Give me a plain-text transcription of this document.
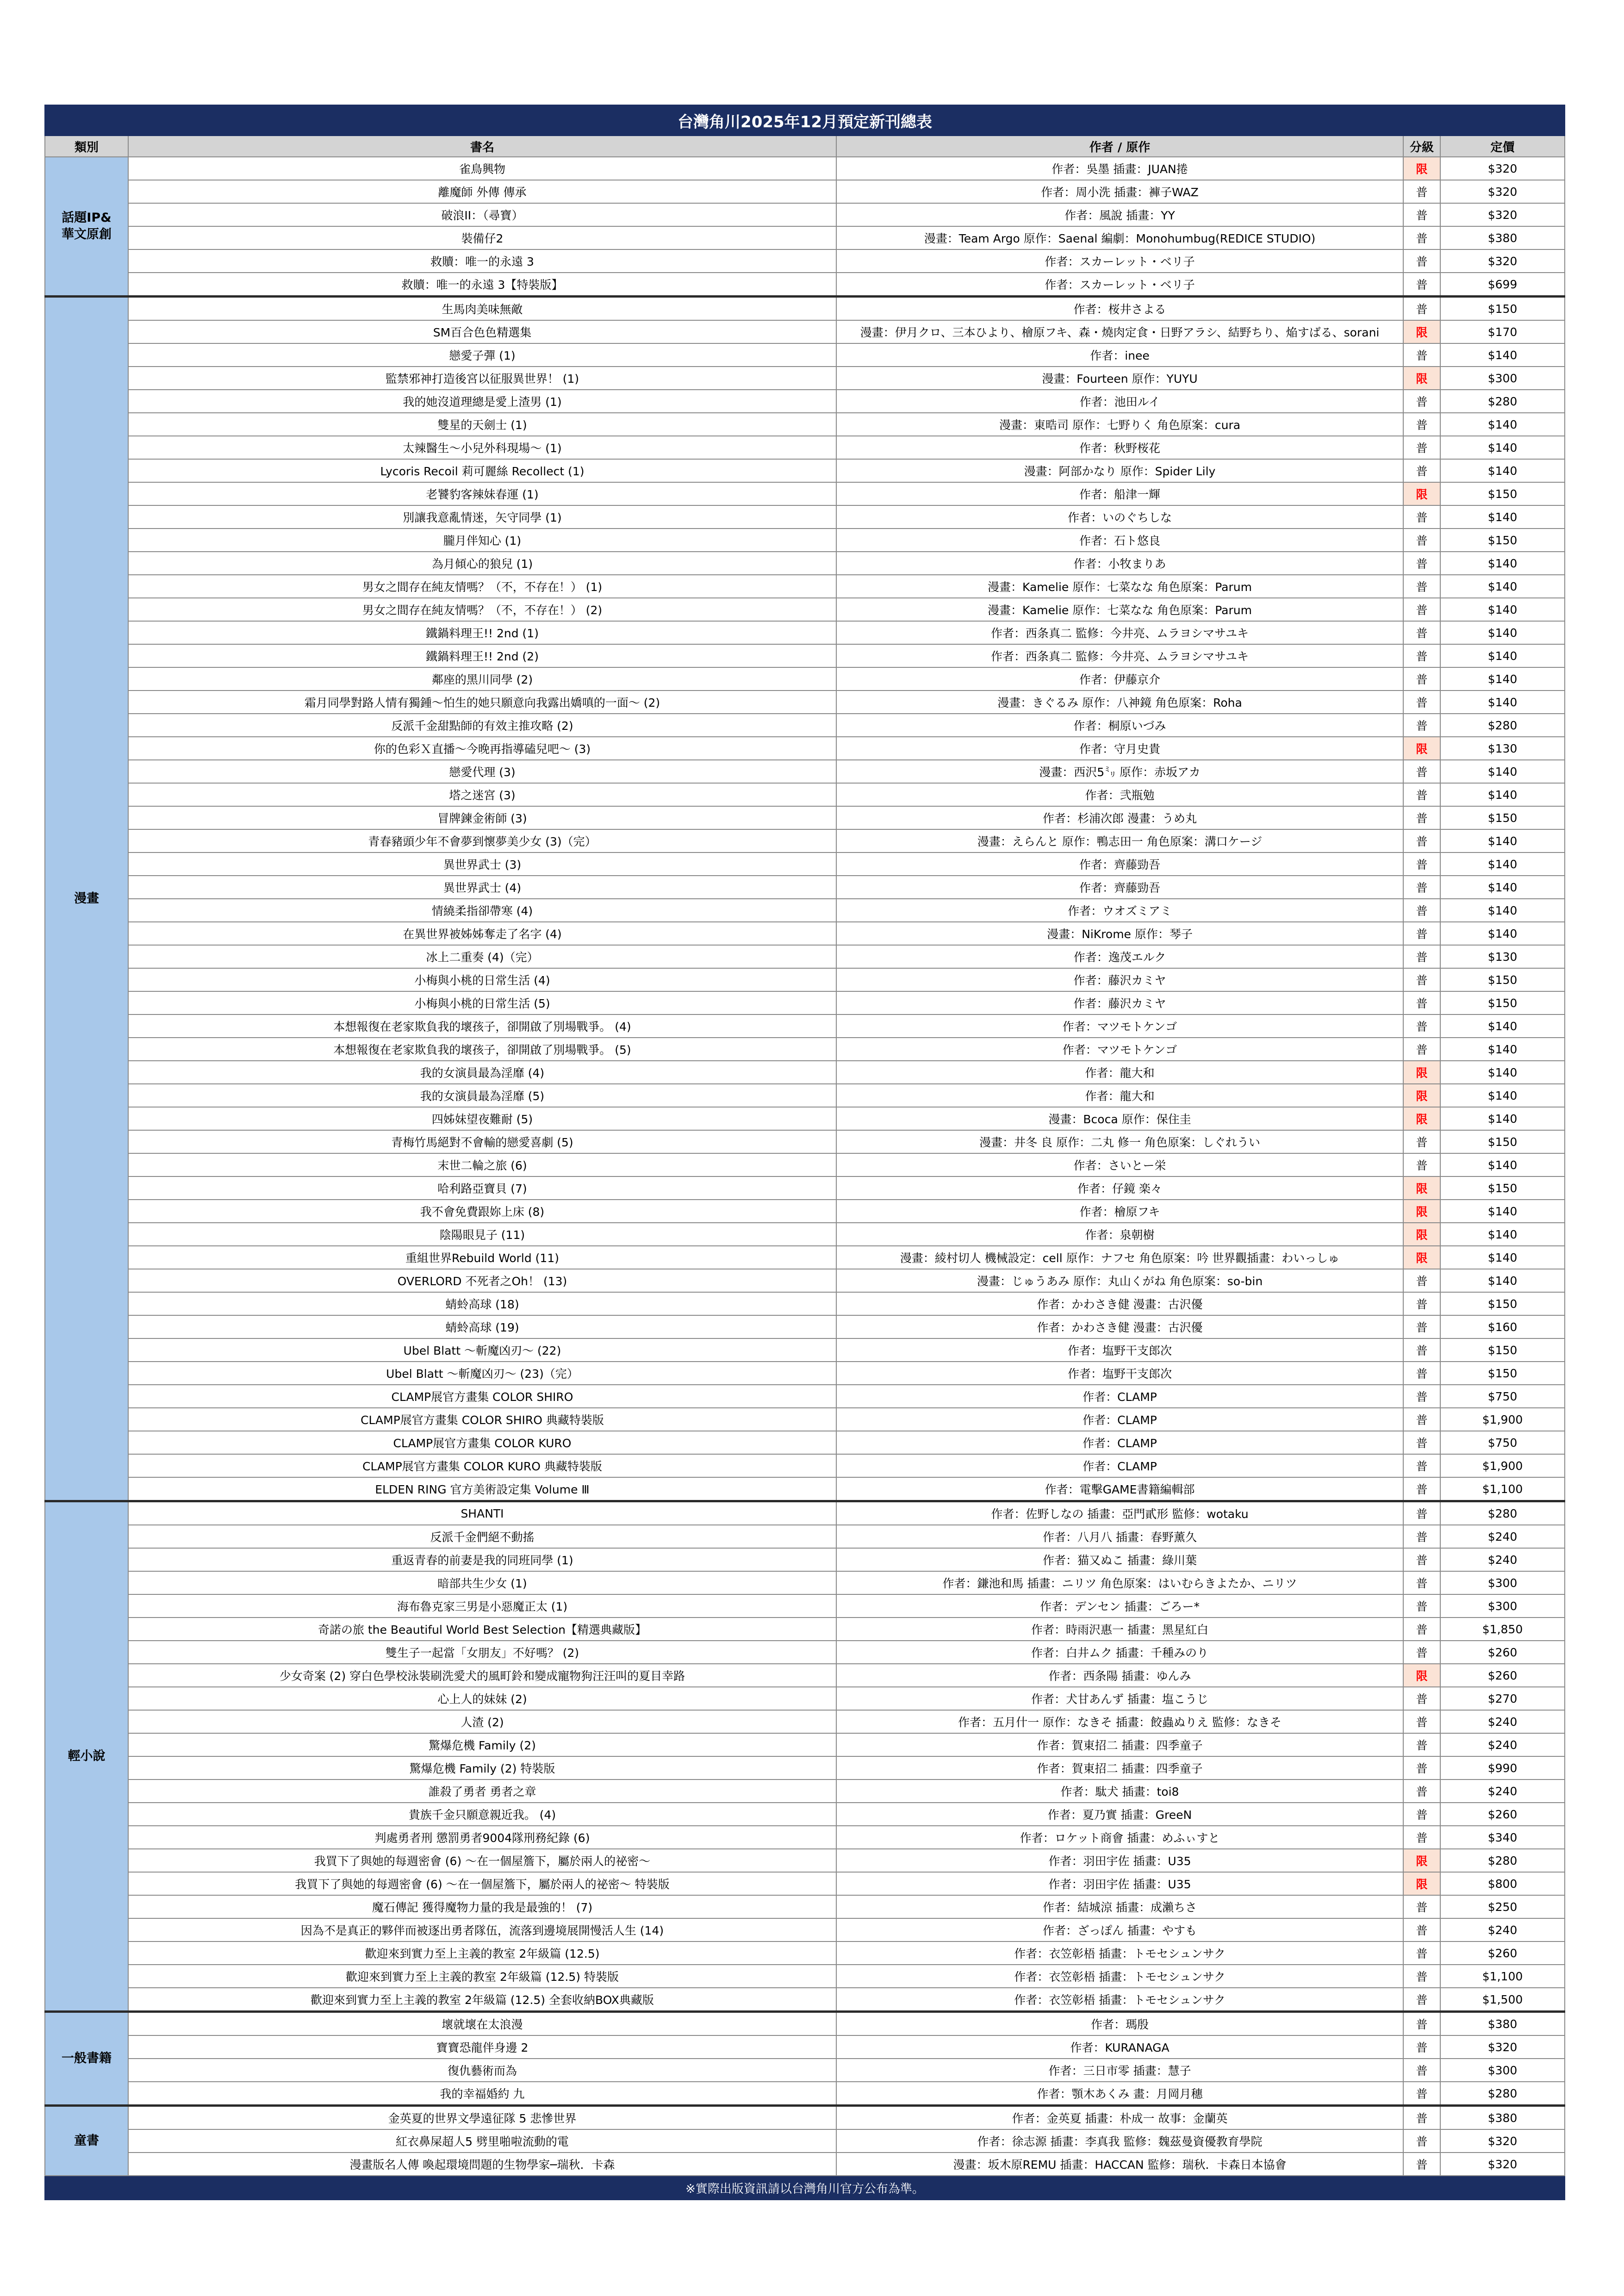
台灣角川2025年12月預定新刊總表				
類別	書名	作者 / 原作	分級	定價
話題IP&
華文原創	雀鳥興物	作者：吳墨 插畫：JUAN捲	限	$320
	離魔師 外傳 傳承	作者：周小洗 插畫：褲子WAZ	普	$320
	破浪II：（尋寶）	作者：風說 插畫：YY	普	$320
	裝備仔2	漫畫：Team Argo 原作：Saenal 編劇：Monohumbug(REDICE STUDIO)	普	$380
	救贖：唯一的永遠 3	作者：スカーレット・ベリ子	普	$320
	救贖：唯一的永遠 3【特裝版】	作者：スカーレット・ベリ子	普	$699
漫畫	生馬肉美味無敵	作者：桜井さよる	普	$150
	SM百合色色精選集	漫畫：伊月クロ、三本ひより、檜原フキ、森・燒肉定食・日野アラシ、結野ちり、焔すばる、sorani	限	$170
	戀愛子彈 (1)	作者：inee	普	$140
	監禁邪神打造後宮以征服異世界！ (1)	漫畫：Fourteen 原作：YUYU	限	$300
	我的她沒道理總是愛上渣男 (1)	作者：池田ルイ	普	$280
	雙星的天劍士 (1)	漫畫：東晧司 原作：七野りく 角色原案：cura	普	$140
	太辣醫生～小兒外科現場～ (1)	作者：秋野桜花	普	$140
	Lycoris Recoil 莉可麗絲 Recollect (1)	漫畫：阿部かなり 原作：Spider Lily	普	$140
	老饕豹客辣妹春運 (1)	作者：船津一輝	限	$150
	別讓我意亂情迷，矢守同學 (1)	作者：いのぐちしな	普	$140
	朧月伴知心 (1)	作者：石ト悠良	普	$150
	為月傾心的狼兒 (1)	作者：小牧まりあ	普	$140
	男女之間存在純友情嗎？（不，不存在！） (1)	漫畫：Kamelie 原作：七菜なな 角色原案：Parum	普	$140
	男女之間存在純友情嗎？（不，不存在！） (2)	漫畫：Kamelie 原作：七菜なな 角色原案：Parum	普	$140
	鐵鍋料理王!! 2nd (1)	作者：西条真二 監修：今井亮、ムラヨシマサユキ	普	$140
	鐵鍋料理王!! 2nd (2)	作者：西条真二 監修：今井亮、ムラヨシマサユキ	普	$140
	鄰座的黑川同學 (2)	作者：伊藤京介	普	$140
	霜月同學對路人情有獨鍾～怕生的她只願意向我露出嬌嗔的一面～ (2)	漫畫：きぐるみ 原作：八神鏡 角色原案：Roha	普	$140
	反派千金甜點師的有效主推攻略 (2)	作者：桐原いづみ	普	$280
	你的色彩Ｘ直播～今晚再指導磕兒吧～ (3)	作者：守月史貴	限	$130
	戀愛代理 (3)	漫畫：西沢5㍉ 原作：赤坂アカ	普	$140
	塔之迷宮 (3)	作者：弐瓶勉	普	$140
	冒牌鍊金術師 (3)	作者：杉浦次郎 漫畫：うめ丸	普	$150
	青春豬頭少年不會夢到懷夢美少女 (3)（完）	漫畫：えらんと 原作：鴨志田一 角色原案：溝口ケージ	普	$140
	異世界武士 (3)	作者：齊藤勁吾	普	$140
	異世界武士 (4)	作者：齊藤勁吾	普	$140
	情繞柔指卻帶寒 (4)	作者：ウオズミアミ	普	$140
	在異世界被姊姊奪走了名字 (4)	漫畫：NiKrome 原作：琴子	普	$140
	冰上二重奏 (4)（完）	作者：逸茂エルク	普	$130
	小梅與小桃的日常生活 (4)	作者：藤沢カミヤ	普	$150
	小梅與小桃的日常生活 (5)	作者：藤沢カミヤ	普	$150
	本想報復在老家欺負我的壞孩子，卻開啟了別場戰爭。 (4)	作者：マツモトケンゴ	普	$140
	本想報復在老家欺負我的壞孩子，卻開啟了別場戰爭。 (5)	作者：マツモトケンゴ	普	$140
	我的女演員最為淫靡 (4)	作者：龍大和	限	$140
	我的女演員最為淫靡 (5)	作者：龍大和	限	$140
	四姊妹望夜難耐 (5)	漫畫：Bcoca 原作：保住圭	限	$140
	青梅竹馬絕對不會輸的戀愛喜劇 (5)	漫畫：井冬 良 原作：二丸 修一 角色原案：しぐれうい	普	$150
	末世二輪之旅 (6)	作者：さいとー栄	普	$140
	哈利路亞寶貝 (7)	作者：仔鏡 楽々	限	$150
	我不會免費跟妳上床 (8)	作者：檜原フキ	限	$140
	陰陽眼見子 (11)	作者：泉朝樹	限	$140
	重組世界Rebuild World (11)	漫畫：綾村切人 機械設定：cell 原作：ナフセ 角色原案：吟 世界觀插畫：わいっしゅ	限	$140
	OVERLORD 不死者之Oh！ (13)	漫畫：じゅうあみ 原作：丸山くがね 角色原案：so-bin	普	$140
	蜻蛉高球 (18)	作者：かわさき健 漫畫：古沢優	普	$150
	蜻蛉高球 (19)	作者：かわさき健 漫畫：古沢優	普	$160
	Ubel Blatt ～斬魔凶刃～ (22)	作者：塩野干支郎次	普	$150
	Ubel Blatt ～斬魔凶刃～ (23)（完）	作者：塩野干支郎次	普	$150
	CLAMP展官方畫集 COLOR SHIRO	作者：CLAMP	普	$750
	CLAMP展官方畫集 COLOR SHIRO 典藏特裝版	作者：CLAMP	普	$1,900
	CLAMP展官方畫集 COLOR KURO	作者：CLAMP	普	$750
	CLAMP展官方畫集 COLOR KURO 典藏特裝版	作者：CLAMP	普	$1,900
	ELDEN RING 官方美術設定集 Volume Ⅲ	作者：電擊GAME書籍編輯部	普	$1,100
輕小說	SHANTI	作者：佐野しなの 插畫：亞門貳形 監修：wotaku	普	$280
	反派千金們絕不動搖	作者：八月八 插畫：春野薰久	普	$240
	重返青春的前妻是我的同班同學 (1)	作者：猫又ぬこ 插畫：綠川葉	普	$240
	暗部共生少女 (1)	作者：鎌池和馬 插畫：ニリツ 角色原案：はいむらきよたか、ニリツ	普	$300
	海布魯克家三男是小惡魔正太 (1)	作者：デンセン 插畫：ごろー*	普	$300
	奇諾の旅 the Beautiful World Best Selection【精選典藏版】	作者：時雨沢惠一 插畫：黑星紅白	普	$1,850
	雙生子一起當「女朋友」不好嗎？ (2)	作者：白井ムク 插畫：千種みのり	普	$260
	少女奇案 (2) 穿白色學校泳裝刷洗愛犬的風町鈴和變成寵物狗汪汪叫的夏目幸路	作者：西条陽 插畫：ゆんみ	限	$260
	心上人的妹妹 (2)	作者：犬甘あんず 插畫：塩こうじ	普	$270
	人渣 (2)	作者：五月什一 原作：なきそ 插畫：餃蟲ぬりえ 監修：なきそ	普	$240
	驚爆危機 Family (2)	作者：賀東招二 插畫：四季童子	普	$240
	驚爆危機 Family (2) 特裝版	作者：賀東招二 插畫：四季童子	普	$990
	誰殺了勇者 勇者之章	作者：駄犬 插畫：toi8	普	$240
	貴族千金只願意親近我。 (4)	作者：夏乃實 插畫：GreeN	普	$260
	判處勇者刑 懲罰勇者9004隊刑務紀錄 (6)	作者：ロケット商會 插畫：めふぃすと	普	$340
	我買下了與她的每週密會 (6) ～在一個屋簷下，屬於兩人的祕密～	作者：羽田宇佐 插畫：U35	限	$280
	我買下了與她的每週密會 (6) ～在一個屋簷下，屬於兩人的祕密～ 特裝版	作者：羽田宇佐 插畫：U35	限	$800
	魔石傳記 獲得魔物力量的我是最強的！ (7)	作者：結城涼 插畫：成瀨ちさ	普	$250
	因為不是真正的夥伴而被逐出勇者隊伍，流落到邊境展開慢活人生 (14)	作者：ざっぽん 插畫：やすも	普	$240
	歡迎來到實力至上主義的教室 2年級篇 (12.5)	作者：衣笠彰梧 插畫：トモセシュンサク	普	$260
	歡迎來到實力至上主義的教室 2年級篇 (12.5) 特裝版	作者：衣笠彰梧 插畫：トモセシュンサク	普	$1,100
	歡迎來到實力至上主義的教室 2年級篇 (12.5) 全套收納BOX典藏版	作者：衣笠彰梧 插畫：トモセシュンサク	普	$1,500
一般書籍	壞就壞在太浪漫	作者：瑪殷	普	$380
	寶寶恐龍伴身邊 2	作者：KURANAGA	普	$320
	復仇藝術而為	作者：三日市零 插畫：慧子	普	$300
	我的幸福婚約 九	作者：顎木あくみ 畫：月岡月穗	普	$280
童書	金英夏的世界文學遠征隊 5 悲慘世界	作者：金英夏 插畫：朴成一 故事：金蘭英	普	$380
	紅衣鼻屎超人5 劈里啪啦流動的電	作者：徐志源 插畫：李真我 監修：魏茲曼資優教育學院	普	$320
	漫畫版名人傳 喚起環境問題的生物學家─瑞秋．卡森	漫畫：坂木原REMU 插畫：HACCAN 監修：瑞秋．卡森日本協會	普	$320
※實際出版資訊請以台灣角川官方公布為準。				
